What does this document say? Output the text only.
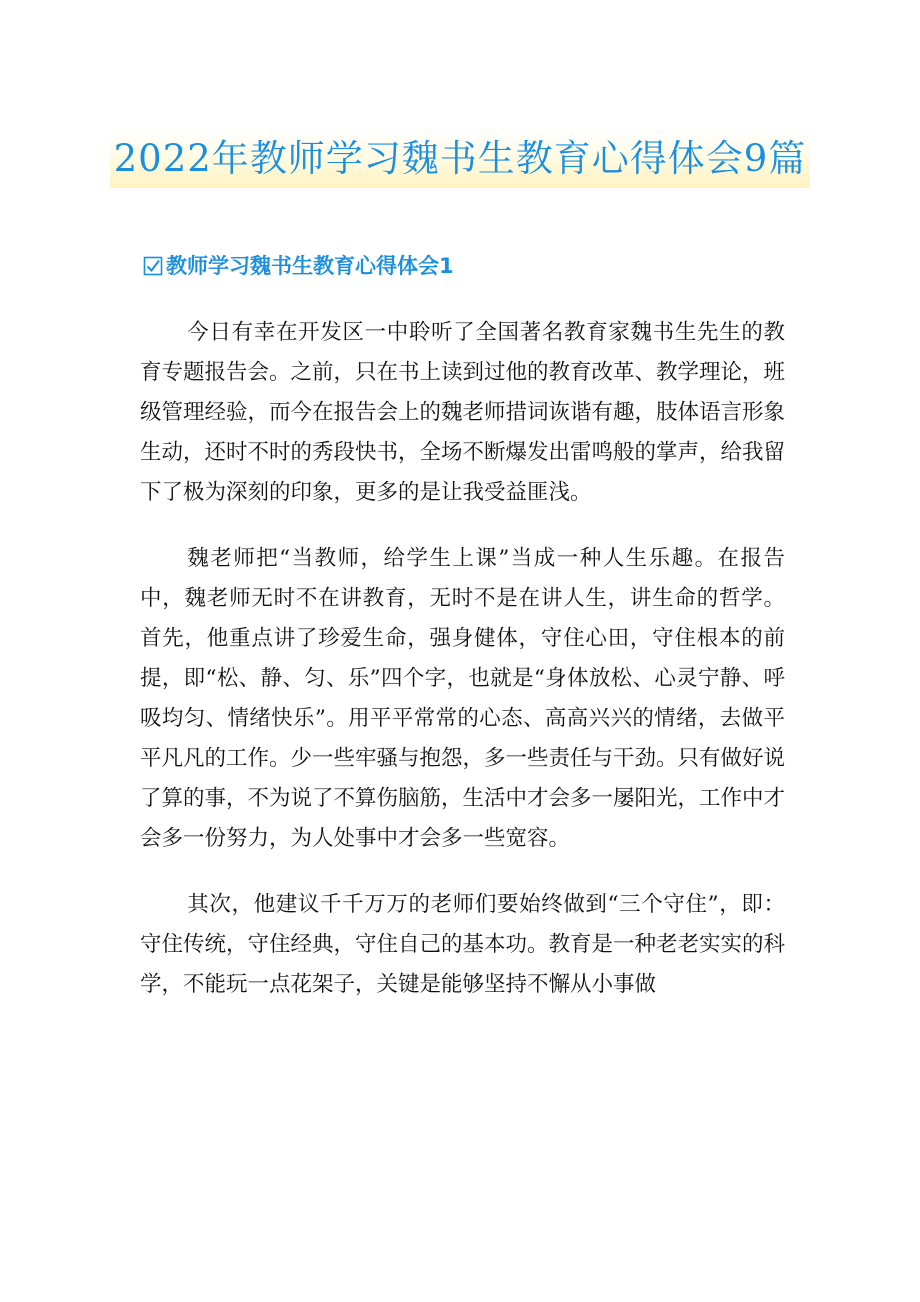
2022年教师学习魏书生教育心得体会9篇
教师学习魏书生教育心得体会1

今日有幸在开发区一中聆听了全国著名教育家魏书生先生的教育专题报告会。之前，只在书上读到过他的教育改革、教学理论，班级管理经验，而今在报告会上的魏老师措词诙谐有趣，肢体语言形象生动，还时不时的秀段快书，全场不断爆发出雷鸣般的掌声，给我留下了极为深刻的印象，更多的是让我受益匪浅。

魏老师把“当教师，给学生上课”当成一种人生乐趣。在报告中，魏老师无时不在讲教育，无时不是在讲人生，讲生命的哲学。 首先，他重点讲了珍爱生命，强身健体，守住心田，守住根本的前提，即“松、静、匀、乐”四个字，也就是“身体放松、心灵宁静、呼吸均匀、情绪快乐”。用平平常常的心态、高高兴兴的情绪，去做平平凡凡的工作。少一些牢骚与抱怨，多一些责任与干劲。只有做好说了算的事，不为说了不算伤脑筋，生活中才会多一屡阳光，工作中才会多一份努力，为人处事中才会多一些宽容。

其次，他建议千千万万的老师们要始终做到“三个守住”，即：守住传统，守住经典，守住自己的基本功。教育是一种老老实实的科学，不能玩一点花架子，关键是能够坚持不懈从小事做
